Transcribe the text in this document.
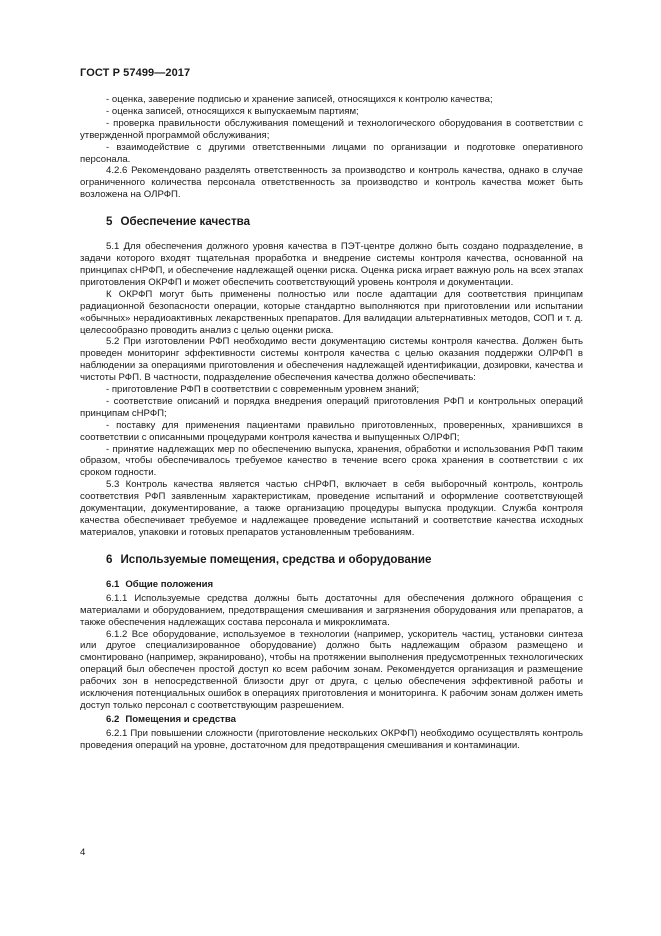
ГОСТ Р 57499—2017

- оценка, заверение подписью и хранение записей, относящихся к контролю качества;

- оценка записей, относящихся к выпускаемым партиям;

- проверка правильности обслуживания помещений и технологического оборудования в соответствии с утвержденной программой обслуживания;

- взаимодействие с другими ответственными лицами по организации и подготовке оперативного персонала.

4.2.6 Рекомендовано разделять ответственность за производство и контроль качества, однако в случае ограниченного количества персонала ответственность за производство и контроль качества может быть возложена на ОЛРФП.

5 Обеспечение качества

5.1 Для обеспечения должного уровня качества в ПЭТ-центре должно быть создано подразделение, в задачи которого входят тщательная проработка и внедрение системы контроля качества, основанной на принципах сНРФП, и обеспечение надлежащей оценки риска. Оценка риска играет важную роль на всех этапах приготовления ОКРФП и может обеспечить соответствующий уровень контроля и документации.

К ОКРФП могут быть применены полностью или после адаптации для соответствия принципам радиационной безопасности операции, которые стандартно выполняются при приготовлении или испытании «обычных» нерадиоактивных лекарственных препаратов. Для валидации альтернативных методов, СОП и т. д. целесообразно проводить анализ с целью оценки риска.

5.2 При изготовлении РФП необходимо вести документацию системы контроля качества. Должен быть проведен мониторинг эффективности системы контроля качества с целью оказания поддержки ОЛРФП в наблюдении за операциями приготовления и обеспечения надлежащей идентификации, дозировки, качества и чистоты РФП. В частности, подразделение обеспечения качества должно обеспечивать:

- приготовление РФП в соответствии с современным уровнем знаний;

- соответствие описаний и порядка внедрения операций приготовления РФП и контрольных операций принципам сНРФП;

- поставку для применения пациентами правильно приготовленных, проверенных, хранившихся в соответствии с описанными процедурами контроля качества и выпущенных ОЛРФП;

- принятие надлежащих мер по обеспечению выпуска, хранения, обработки и использования РФП таким образом, чтобы обеспечивалось требуемое качество в течение всего срока хранения в соответствии с их сроком годности.

5.3 Контроль качества является частью сНРФП, включает в себя выборочный контроль, контроль соответствия РФП заявленным характеристикам, проведение испытаний и оформление соответствующей документации, документирование, а также организацию процедуры выпуска продукции. Служба контроля качества обеспечивает требуемое и надлежащее проведение испытаний и соответствие качества исходных материалов, упаковки и готовых препаратов установленным требованиям.

6 Используемые помещения, средства и оборудование
6.1 Общие положения

6.1.1 Используемые средства должны быть достаточны для обеспечения должного обращения с материалами и оборудованием, предотвращения смешивания и загрязнения оборудования или препаратов, а также обеспечения надлежащих состава персонала и микроклимата.

6.1.2 Все оборудование, используемое в технологии (например, ускоритель частиц, установки синтеза или другое специализированное оборудование) должно быть надлежащим образом размещено и смонтировано (например, экранировано), чтобы на протяжении выполнения предусмотренных технологических операций был обеспечен простой доступ ко всем рабочим зонам. Рекомендуется организация и размещение рабочих зон в непосредственной близости друг от друга, с целью обеспечения эффективной работы и исключения потенциальных ошибок в операциях приготовления и мониторинга. К рабочим зонам должен иметь доступ только персонал с соответствующим разрешением.

6.2 Помещения и средства

6.2.1 При повышении сложности (приготовление нескольких ОКРФП) необходимо осуществлять контроль проведения операций на уровне, достаточном для предотвращения смешивания и контаминации.

4
